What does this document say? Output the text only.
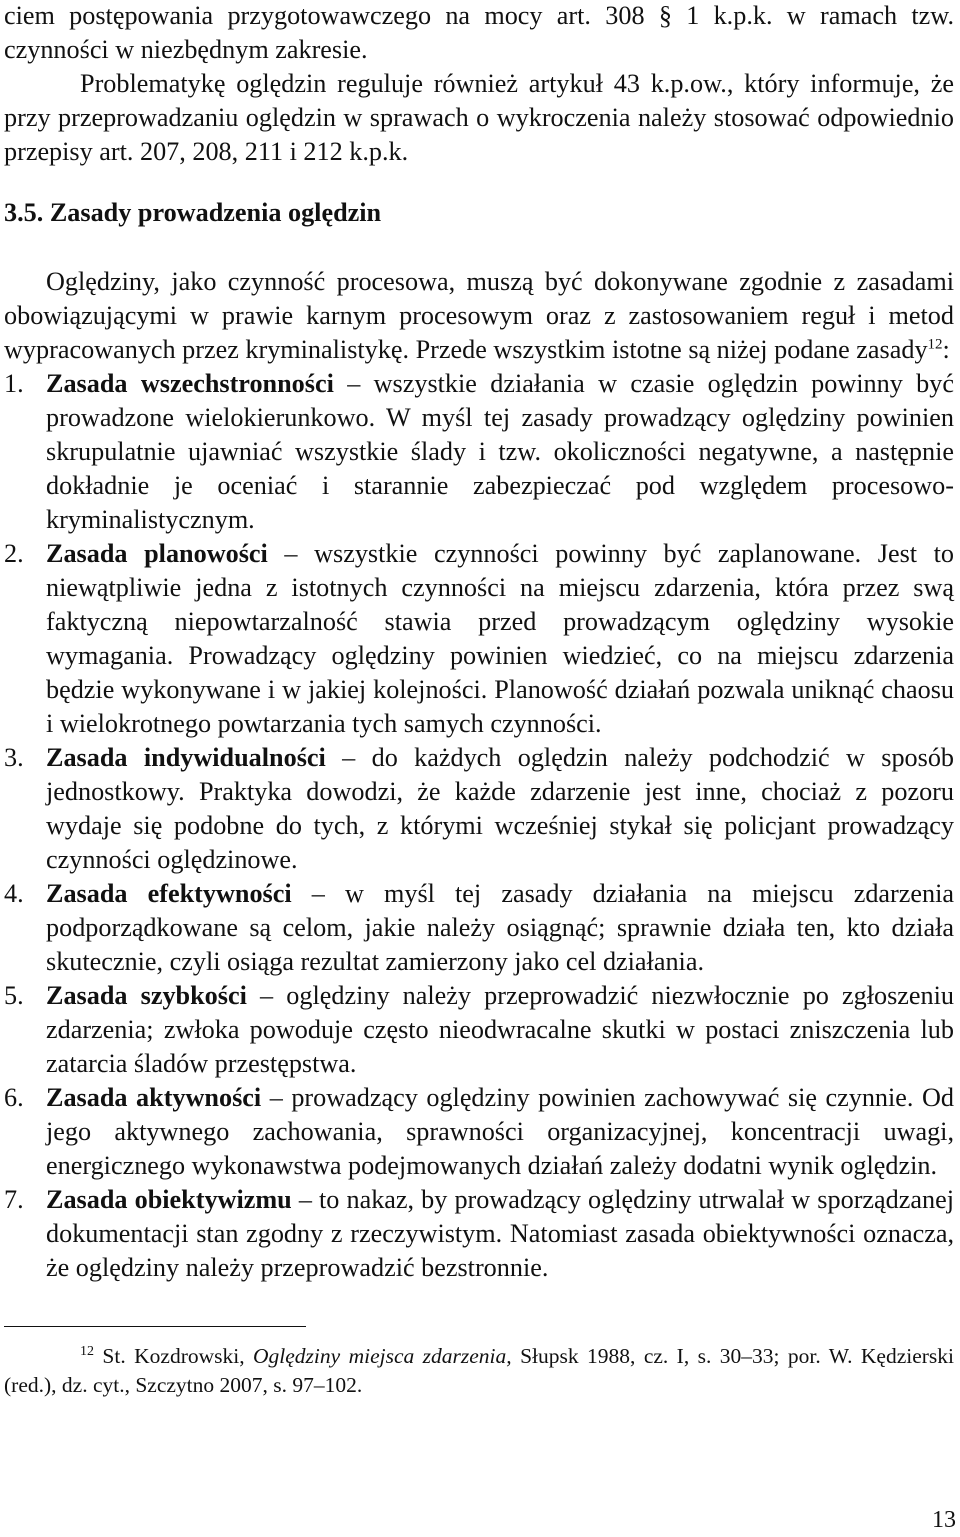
ciem postępowania przygotowawczego na mocy art. 308 § 1 k.p.k. w ramach tzw. czynności w niezbędnym zakresie.

Problematykę oględzin reguluje również artykuł 43 k.p.ow., który informuje, że przy przeprowadzaniu oględzin w sprawach o wykroczenia należy stosować odpowiednio przepisy art. 207, 208, 211 i 212 k.p.k.

3.5. Zasady prowadzenia oględzin

Oględziny, jako czynność procesowa, muszą być dokonywane zgodnie z zasadami obowiązującymi w prawie karnym procesowym oraz z zastosowaniem reguł i metod wypracowanych przez kryminalistykę. Przede wszystkim istotne są niżej podane zasady$^{12}$:

1. Zasada wszechstronności – wszystkie działania w czasie oględzin powinny być prowadzone wielokierunkowo. W myśl tej zasady prowadzący oględziny powinien skrupulatnie ujawniać wszystkie ślady i tzw. okoliczności negatywne, a następnie dokładnie je oceniać i starannie zabezpieczać pod względem procesowo-kryminalistycznym.
2. Zasada planowości – wszystkie czynności powinny być zaplanowane. Jest to niewątpliwie jedna z istotnych czynności na miejscu zdarzenia, która przez swą faktyczną niepowtarzalność stawia przed prowadzącym oględziny wysokie wymagania. Prowadzący oględziny powinien wiedzieć, co na miejscu zdarzenia będzie wykonywane i w jakiej kolejności. Planowość działań pozwala uniknąć chaosu i wielokrotnego powtarzania tych samych czynności.
3. Zasada indywidualności – do każdych oględzin należy podchodzić w sposób jednostkowy. Praktyka dowodzi, że każde zdarzenie jest inne, chociaż z pozoru wydaje się podobne do tych, z którymi wcześniej stykał się policjant prowadzący czynności oględzinowe.
4. Zasada efektywności – w myśl tej zasady działania na miejscu zdarzenia podporządkowane są celom, jakie należy osiągnąć; sprawnie działa ten, kto działa skutecznie, czyli osiąga rezultat zamierzony jako cel działania.
5. Zasada szybkości – oględziny należy przeprowadzić niezwłocznie po zgłoszeniu zdarzenia; zwłoka powoduje często nieodwracalne skutki w postaci zniszczenia lub zatarcia śladów przestępstwa.
6. Zasada aktywności – prowadzący oględziny powinien zachowywać się czynnie. Od jego aktywnego zachowania, sprawności organizacyjnej, koncentracji uwagi, energicznego wykonawstwa podejmowanych działań zależy dodatni wynik oględzin.
7. Zasada obiektywizmu – to nakaz, by prowadzący oględziny utrwalał w sporządzanej dokumentacji stan zgodny z rzeczywistym. Natomiast zasada obiektywności oznacza, że oględziny należy przeprowadzić bezstronnie.

$^{12}$ St. Kozdrowski, Oględziny miejsca zdarzenia, Słupsk 1988, cz. I, s. 30–33; por. W. Kędzierski (red.), dz. cyt., Szczytno 2007, s. 97–102.

13
